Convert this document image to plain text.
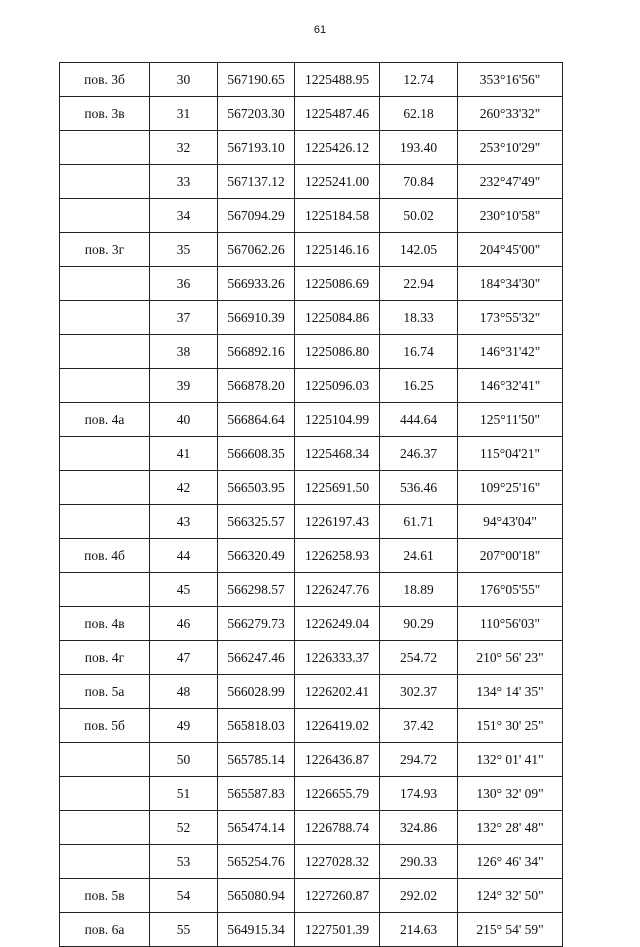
61
пов. 3б	30	567190.65	1225488.95	12.74	353°16'56"
пов. 3в	31	567203.30	1225487.46	62.18	260°33'32"
	32	567193.10	1225426.12	193.40	253°10'29"
	33	567137.12	1225241.00	70.84	232°47'49"
	34	567094.29	1225184.58	50.02	230°10'58"
пов. 3г	35	567062.26	1225146.16	142.05	204°45'00"
	36	566933.26	1225086.69	22.94	184°34'30"
	37	566910.39	1225084.86	18.33	173°55'32"
	38	566892.16	1225086.80	16.74	146°31'42"
	39	566878.20	1225096.03	16.25	146°32'41"
пов. 4а	40	566864.64	1225104.99	444.64	125°11'50"
	41	566608.35	1225468.34	246.37	115°04'21"
	42	566503.95	1225691.50	536.46	109°25'16"
	43	566325.57	1226197.43	61.71	94°43'04"
пов. 4б	44	566320.49	1226258.93	24.61	207°00'18"
	45	566298.57	1226247.76	18.89	176°05'55"
пов. 4в	46	566279.73	1226249.04	90.29	110°56'03"
пов. 4г	47	566247.46	1226333.37	254.72	210° 56' 23"
пов. 5а	48	566028.99	1226202.41	302.37	134° 14' 35"
пов. 5б	49	565818.03	1226419.02	37.42	151° 30' 25"
	50	565785.14	1226436.87	294.72	132° 01' 41"
	51	565587.83	1226655.79	174.93	130° 32' 09"
	52	565474.14	1226788.74	324.86	132° 28' 48"
	53	565254.76	1227028.32	290.33	126° 46' 34"
пов. 5в	54	565080.94	1227260.87	292.02	124° 32' 50"
пов. 6а	55	564915.34	1227501.39	214.63	215° 54' 59"
